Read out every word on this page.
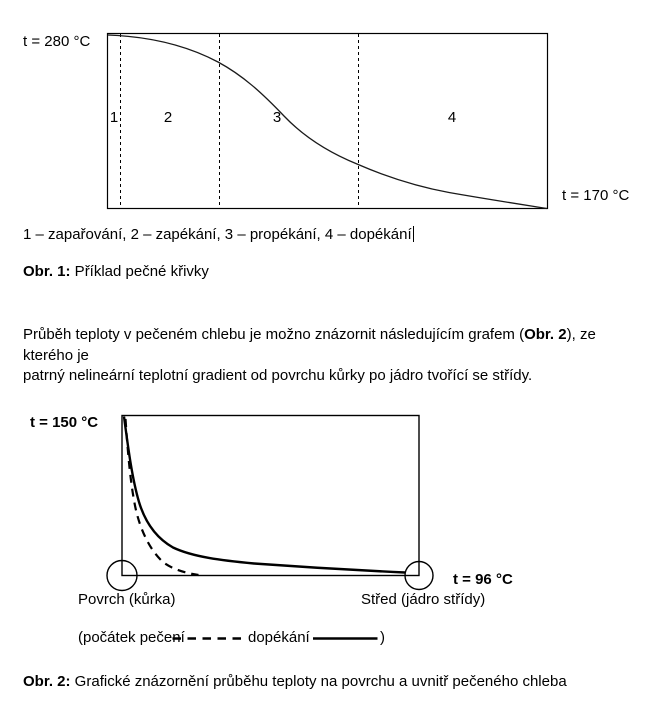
t = 280 °C
1	2	3	4
t = 170 °C
1 – zapařování, 2 – zapékání, 3 – propékání, 4 – dopékání
Obr. 1: Příklad pečné křivky
Průběh teploty v pečeném chlebu je možno znázornit následujícím grafem (Obr. 2), ze kterého je
patrný nelineární teplotní gradient od povrchu kůrky po jádro tvořící se střídy.
t = 150 °C
t = 96 °C
Povrch (kůrka)	Střed (jádro střídy)
(počátek pečení	dopékání	)
Obr. 2: Grafické znázornění průběhu teploty na povrchu a uvnitř pečeného chleba
